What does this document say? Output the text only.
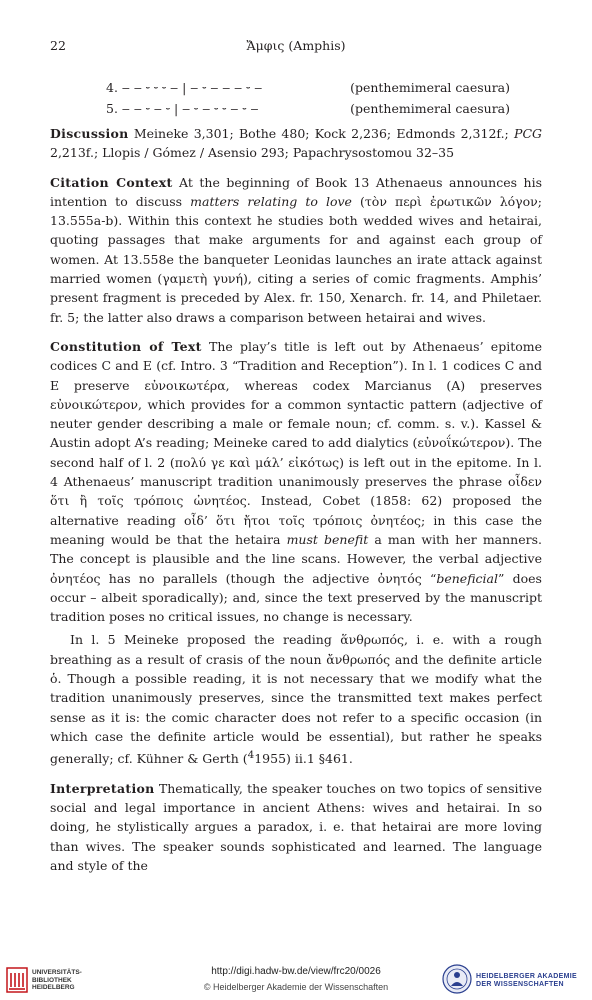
22	Ἄμφις (Amphis)
4. ‒ ‒ ⏑ ⏑ ⏑ ‒ | ‒ ⏑ ‒ ‒ ‒ ⏑ ‒	(penthemimeral caesura)
5. ‒ ‒ ⏑ ‒ ⏑ | ‒ ⏑ ‒ ⏑ ⏑ ‒ ⏑ ‒	(penthemimeral caesura)

Discussion Meineke 3,301; Bothe 480; Kock 2,236; Edmonds 2,312f.; PCG 2,213f.; Llopis / Gómez / Asensio 293; Papachrysostomou 32–35

Citation Context At the beginning of Book 13 Athenaeus announces his intention to discuss matters relating to love (τὸν περὶ ἐρωτικῶν λόγον; 13.555a-b). Within this context he studies both wedded wives and hetairai, quoting passages that make arguments for and against each group of women. At 13.558e the banqueter Leonidas launches an irate attack against married women (γαμετὴ γυνή), citing a series of comic fragments. Amphis’ present fragment is preceded by Alex. fr. 150, Xenarch. fr. 14, and Philetaer. fr. 5; the latter also draws a comparison between hetairai and wives.

Constitution of Text The play’s title is left out by Athenaeus’ epitome codices C and E (cf. Intro. 3 “Tradition and Reception”). In l. 1 codices C and E preserve εὐνοικωτέρα, whereas codex Marcianus (A) preserves εὐνοικώτερον, which provides for a common syntactic pattern (adjective of neuter gender describing a male or female noun; cf. comm. s. v.). Kassel & Austin adopt A’s reading; Meineke cared to add dialytics (εὐνοΐκώτερον). The second half of l. 2 (πολύ γε καὶ μάλ’ εἰκότως) is left out in the epitome. In l. 4 Athenaeus’ manuscript tradition unanimously preserves the phrase οἶδεν ὅτι ἢ τοῖς τρόποις ὠνητέος. Instead, Cobet (1858: 62) proposed the alternative reading οἶδ’ ὅτι ἤτοι τοῖς τρόποις ὀνητέος; in this case the meaning would be that the hetaira must benefit a man with her manners. The concept is plausible and the line scans. However, the verbal adjective ὀνητέος has no parallels (though the adjective ὀνητός “beneficial” does occur – albeit sporadically); and, since the text preserved by the manuscript tradition poses no critical issues, no change is necessary.

In l. 5 Meineke proposed the reading ἅνθρωπός, i. e. with a rough breathing as a result of crasis of the noun ἄνθρωπός and the definite article ὁ. Though a possible reading, it is not necessary that we modify what the tradition unanimously preserves, since the transmitted text makes perfect sense as it is: the comic character does not refer to a specific occasion (in which case the definite article would be essential), but rather he speaks generally; cf. Kühner & Gerth ($^4$1955) ii.1 §461.

Interpretation Thematically, the speaker touches on two topics of sensitive social and legal importance in ancient Athens: wives and hetairai. In so doing, he stylistically argues a paradox, i. e. that hetairai are more loving than wives. The speaker sounds sophisticated and learned. The language and style of the

UNIVERSITÄTS-
BIBLIOTHEK
HEIDELBERG
http://digi.hadw-bw.de/view/frc20/0026
© Heidelberger Akademie der Wissenschaften
HEIDELBERGER AKADEMIE
DER WISSENSCHAFTEN
